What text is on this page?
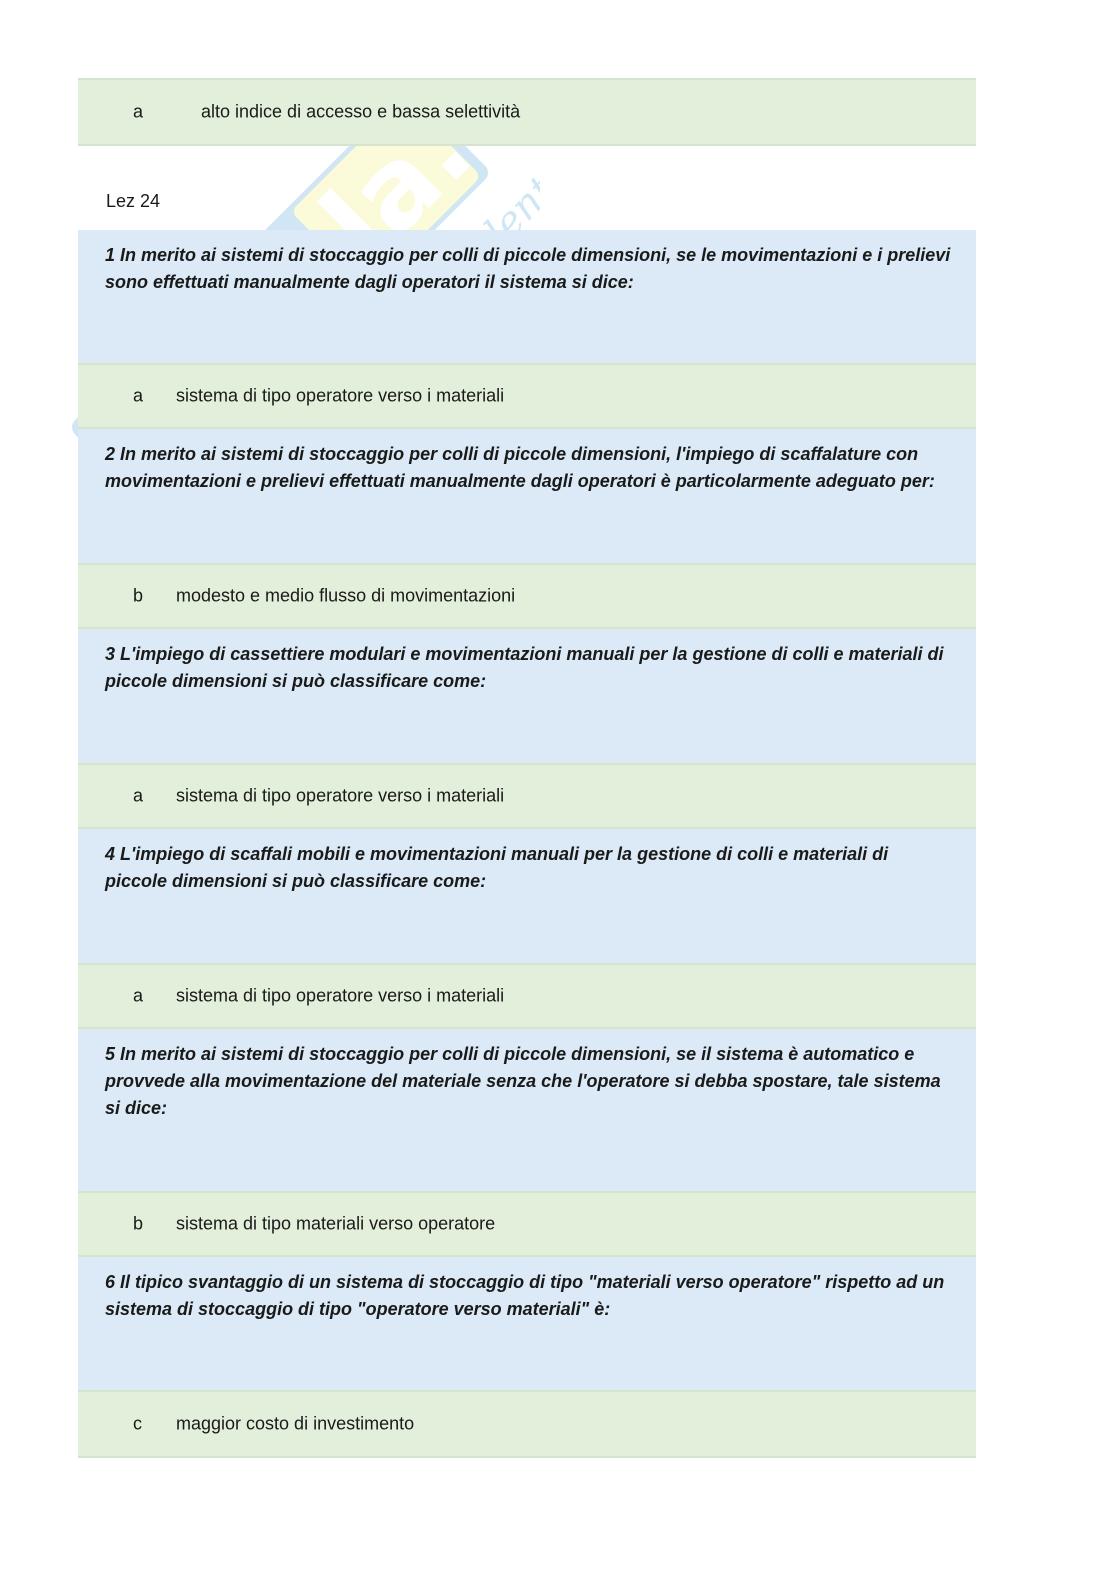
a	alto indice di accesso e bassa selettività
Lez 24
1 In merito ai sistemi di stoccaggio per colli di piccole dimensioni, se le movimentazioni e i prelievi sono effettuati manualmente dagli operatori il sistema si dice:
a sistema di tipo operatore verso i materiali
2 In merito ai sistemi di stoccaggio per colli di piccole dimensioni, l'impiego di scaffalature con movimentazioni e prelievi effettuati manualmente dagli operatori è particolarmente adeguato per:
b modesto e medio flusso di movimentazioni
3 L'impiego di cassettiere modulari e movimentazioni manuali per la gestione di colli e materiali di piccole dimensioni si può classificare come:
a sistema di tipo operatore verso i materiali
4 L'impiego di scaffali mobili e movimentazioni manuali per la gestione di colli e materiali di piccole dimensioni si può classificare come:
a sistema di tipo operatore verso i materiali
5 In merito ai sistemi di stoccaggio per colli di piccole dimensioni, se il sistema è automatico e provvede alla movimentazione del materiale senza che l'operatore si debba spostare, tale sistema si dice:
b sistema di tipo materiali verso operatore
6 Il tipico svantaggio di un sistema di stoccaggio di tipo "materiali verso operatore" rispetto ad un sistema di stoccaggio di tipo "operatore verso materiali" è:
c maggior costo di investimento
